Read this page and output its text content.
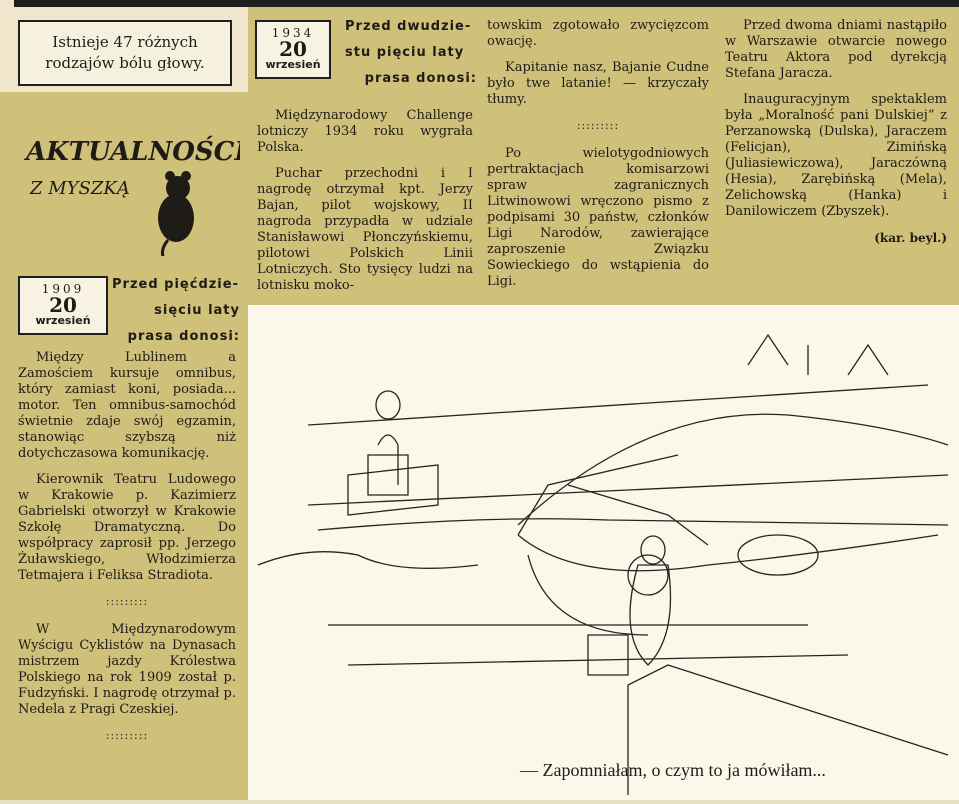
Istnieje 47 różnych
rodzajów bólu głowy.
AKTUALNOŚCI
Z MYSZKĄ
1909
20
wrzesień
Przed pięćdzie-
sięciu laty
prasa donosi:

Między Lublinem a Zamościem kursuje omnibus, który zamiast koni, posiada... motor. Ten omnibus-samochód świetnie zdaje swój egzamin, stanowiąc szybszą niż dotychczasowa komunikację.

Kierownik Teatru Ludowego w Krakowie p. Kazimierz Gabrielski otworzył w Krakowie Szkołę Dramatyczną. Do współpracy zaprosił pp. Jerzego Żuławskiego, Włodzimierza Tetmajera i Feliksa Stradiota.

:::::::::

W Międzynarodowym Wyścigu Cyklistów na Dynasach mistrzem jazdy Królestwa Polskiego na rok 1909 został p. Fudzyński. I nagrodę otrzymał p. Nedela z Pragi Czeskiej.

:::::::::
1934
20
wrzesień
Przed dwudzie-
stu pięciu laty
prasa donosi:

Międzynarodowy Challenge lotniczy 1934 roku wygrała Polska.

Puchar przechodni i I nagrodę otrzymał kpt. Jerzy Bajan, pilot wojskowy, II nagroda przypadła w udziale Stanisławowi Płonczyńskiemu, pilotowi Polskich Linii Lotniczych. Sto tysięcy ludzi na lotnisku moko-

towskim zgotowało zwycięzcom owację.

Kapitanie nasz, Bajanie Cudne było twe latanie! — krzyczały tłumy.

:::::::::

Po wielotygodniowych pertraktacjach komisarzowi spraw zagranicznych Litwinowowi wręczono pismo z podpisami 30 państw, członków Ligi Narodów, zawierające zaproszenie Związku Sowieckiego do wstąpienia do Ligi.

Przed dwoma dniami nastąpiło w Warszawie otwarcie nowego Teatru Aktora pod dyrekcją Stefana Jaracza.

Inauguracyjnym spektaklem była „Moralność pani Dulskiej” z Perzanowską (Dulska), Jaraczem (Felicjan), Zimińską (Juliasiewiczowa), Jaraczówną (Hesia), Zarębińską (Mela), Zelichowską (Hanka) i Danilowiczem (Zbyszek).

(kar. beyl.)
— Zapomniałam, o czym to ja mówiłam...
